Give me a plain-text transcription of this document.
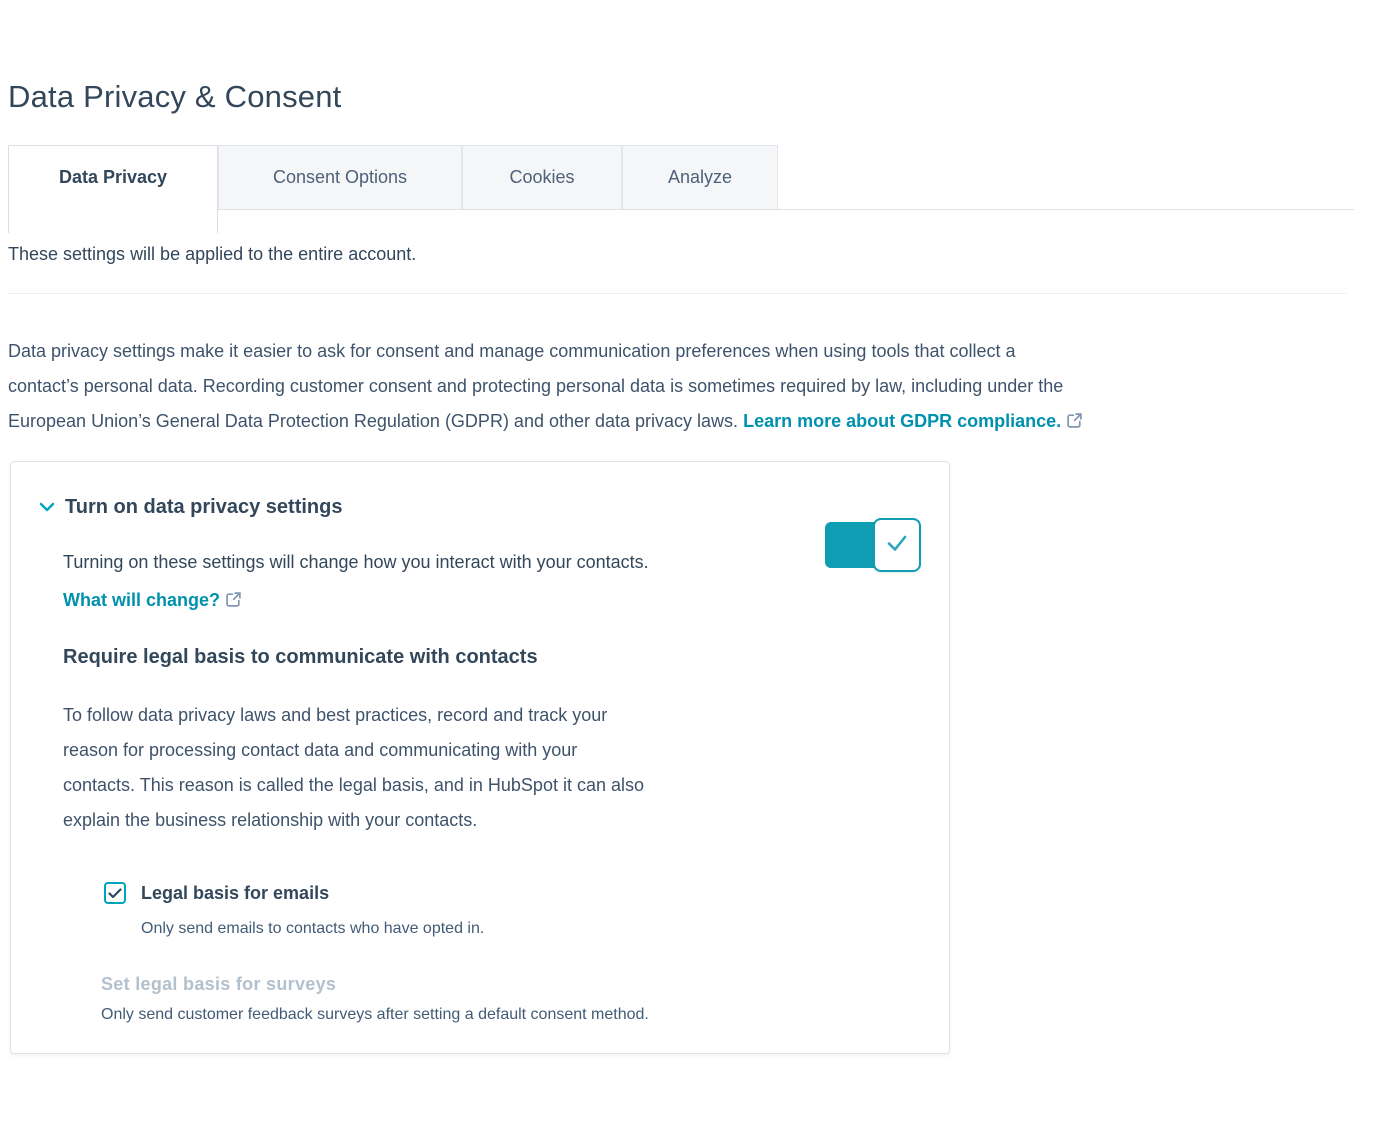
Data Privacy & Consent
Data Privacy	Consent Options	Cookies	Analyze

These settings will be applied to the entire account.

Data privacy settings make it easier to ask for consent and manage communication preferences when using tools that collect a
contact’s personal data. Recording customer consent and protecting personal data is sometimes required by law, including under the
European Union’s General Data Protection Regulation (GDPR) and other data privacy laws. Learn more about GDPR compliance.
Turn on data privacy settings

Turning on these settings will change how you interact with your contacts.

What will change?
Require legal basis to communicate with contacts
To follow data privacy laws and best practices, record and track your
reason for processing contact data and communicating with your
contacts. This reason is called the legal basis, and in HubSpot it can also
explain the business relationship with your contacts.
Legal basis for emails

Only send emails to contacts who have opted in.

Set legal basis for surveys

Only send customer feedback surveys after setting a default consent method.
